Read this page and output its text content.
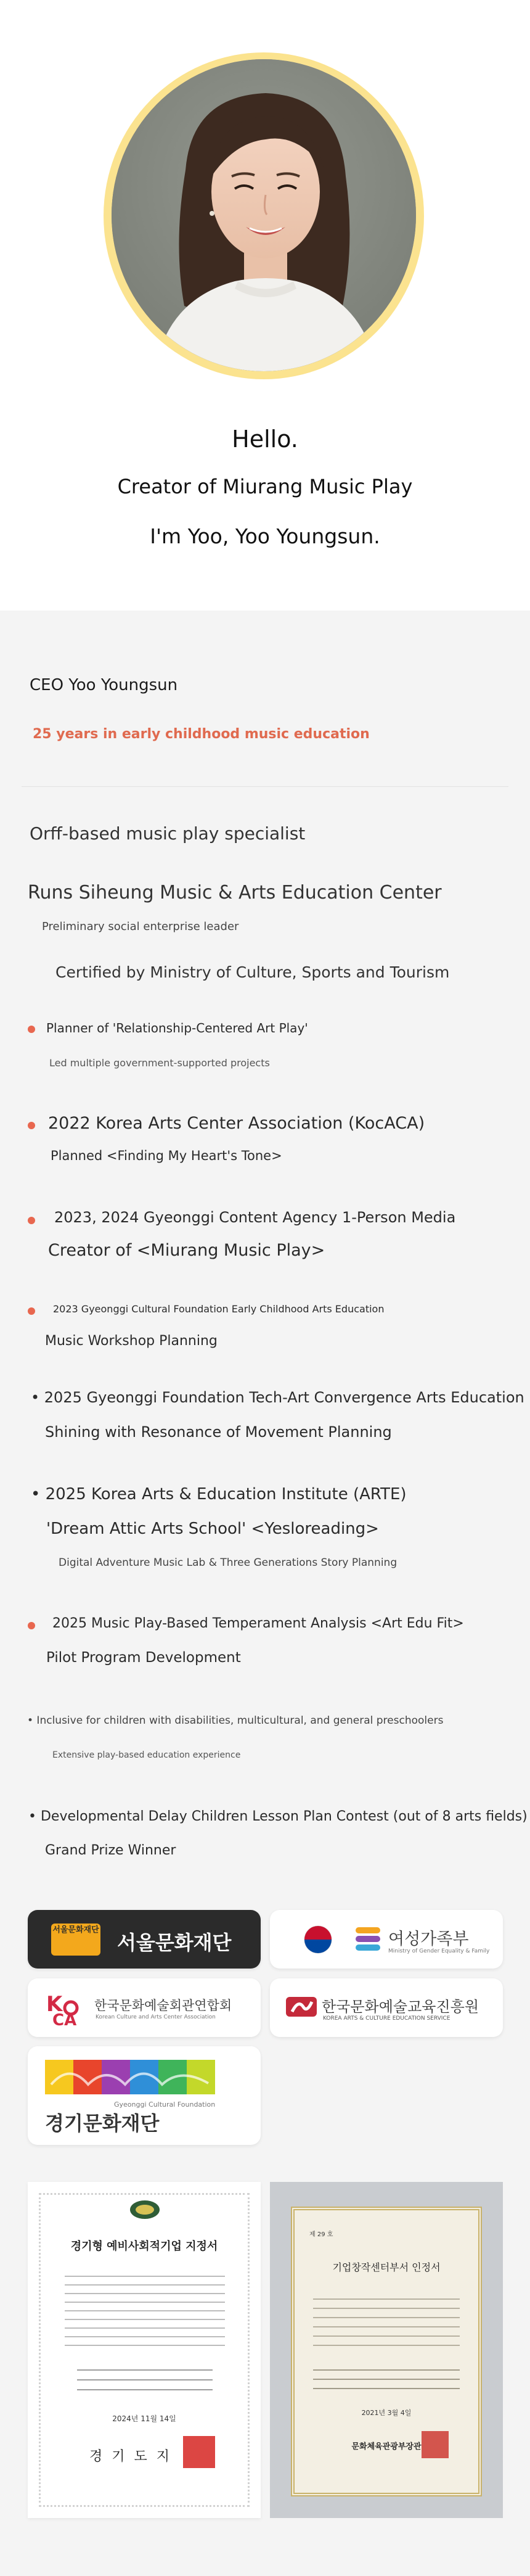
Hello.
Creator of Miurang Music Play
I'm Yoo, Yoo Youngsun.
CEO Yoo Youngsun
25 years in early childhood music education
Orff-based music play specialist
Runs Siheung Music & Arts Education Center
Preliminary social enterprise leader
Certified by Ministry of Culture, Sports and Tourism
Planner of 'Relationship-Centered Art Play'
Led multiple government-supported projects
2022 Korea Arts Center Association (KocACA)
Planned <Finding My Heart's Tone>
2023, 2024 Gyeonggi Content Agency 1-Person Media
Creator of <Miurang Music Play>
2023 Gyeonggi Cultural Foundation Early Childhood Arts Education
Music Workshop Planning
• 2025 Gyeonggi Foundation Tech-Art Convergence Arts Education
Shining with Resonance of Movement Planning
• 2025 Korea Arts & Education Institute (ARTE)
'Dream Attic Arts School' <Yesloreading>
Digital Adventure Music Lab & Three Generations Story Planning
2025 Music Play-Based Temperament Analysis <Art Edu Fit>
Pilot Program Development
• Inclusive for children with disabilities, multicultural, and general preschoolers
Extensive play-based education experience
• Developmental Delay Children Lesson Plan Contest (out of 8 arts fields)
Grand Prize Winner
서울문화재단
서울문화재단	여성가족부
Ministry of Gender Equality & Family
K
CA
한국문화예술회관연합회
Korean Culture and Arts Center Association
한국문화예술교육진흥원
KOREA ARTS & CULTURE EDUCATION SERVICE
경기문화재단
Gyeonggi Cultural Foundation
경기형 예비사회적기업 지정서
2024년 11월 14일
경 기 도 지
제 29 호
기업창작센터부서 인정서
2021년 3월 4일
문화체육관광부장관
